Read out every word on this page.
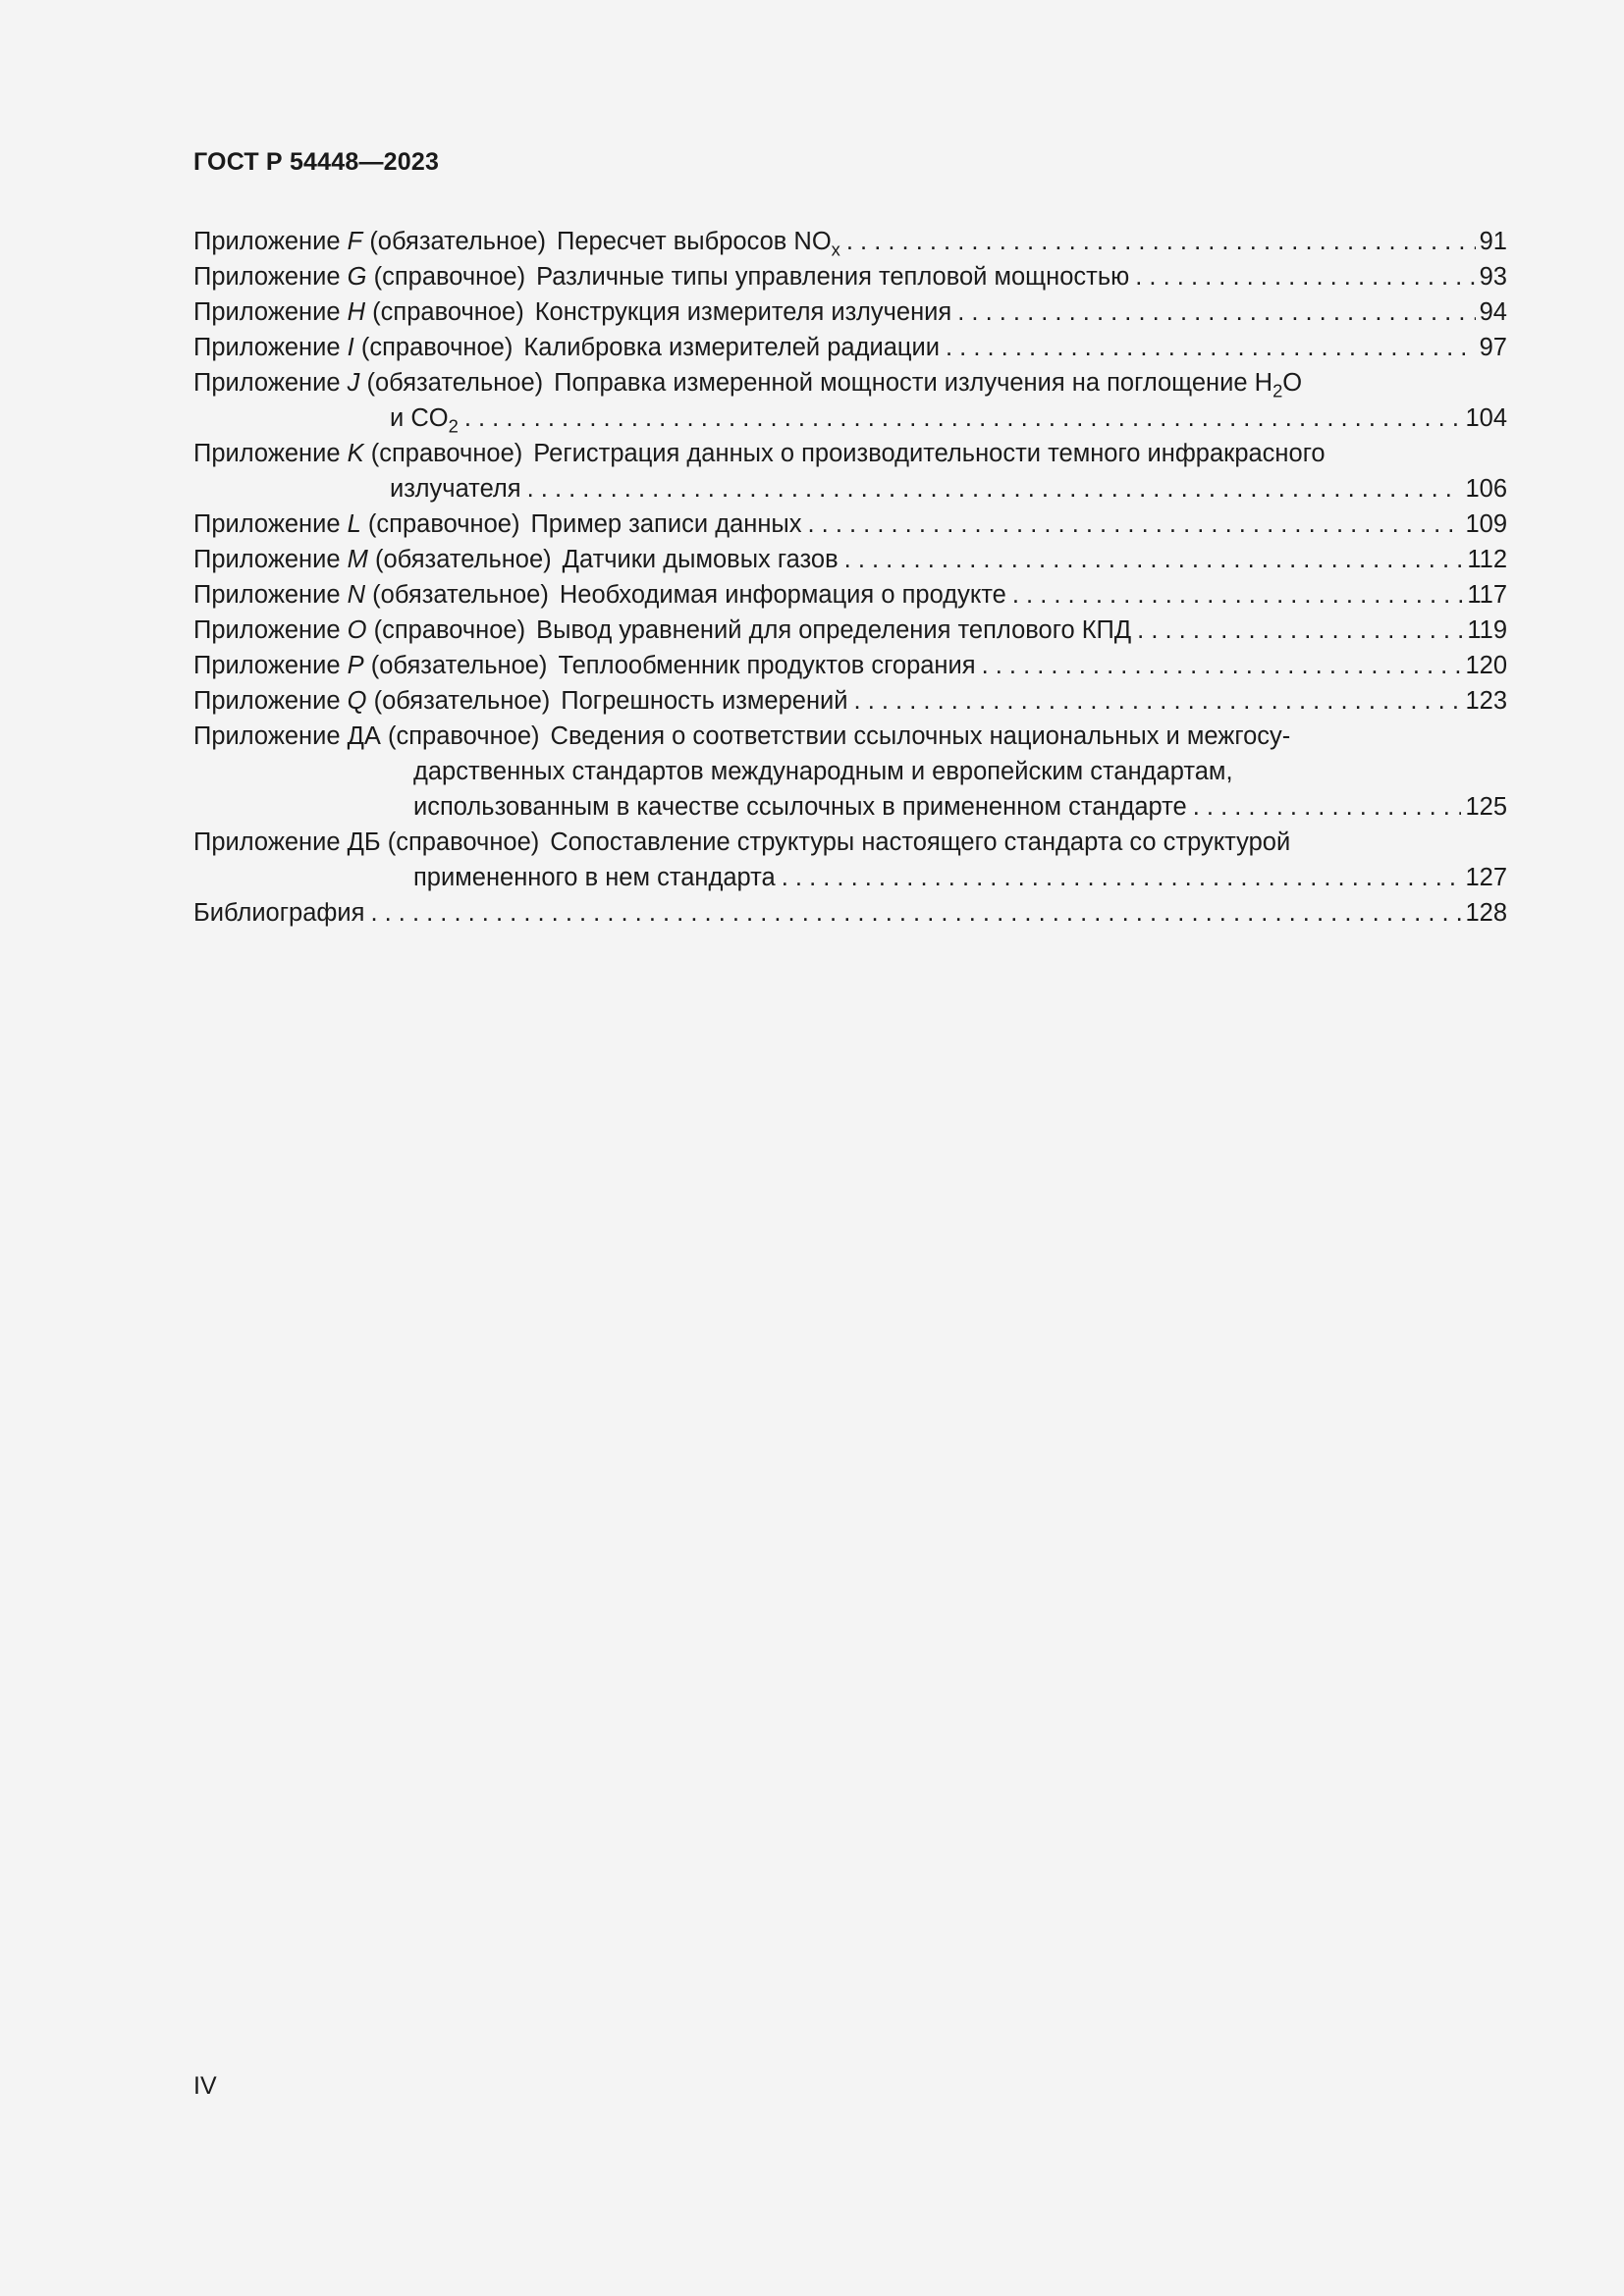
ГОСТ Р 54448—2023
Приложение F (обязательное) Пересчет выбросов $NO_x$ . . .	91
Приложение G (справочное) Различные типы управления тепловой мощностью . . .	93
Приложение H (справочное) Конструкция измерителя излучения . . .	94
Приложение I (справочное) Калибровка измерителей радиации . . .	97
Приложение J (обязательное) Поправка измеренной мощности излучения на поглощение $H_2O$
и $CO_2$ . . .	104
Приложение K (справочное) Регистрация данных о производительности темного инфракрасного
излучателя . . .	106
Приложение L (справочное) Пример записи данных . . .	109
Приложение M (обязательное) Датчики дымовых газов . . .	112
Приложение N (обязательное) Необходимая информация о продукте . . .	117
Приложение O (справочное) Вывод уравнений для определения теплового КПД . . .	119
Приложение P (обязательное) Теплообменник продуктов сгорания . . .	120
Приложение Q (обязательное) Погрешность измерений . . .	123
Приложение ДА (справочное) Сведения о соответствии ссылочных национальных и межгосу-
дарственных стандартов международным и европейским стандартам,
использованным в качестве ссылочных в примененном стандарте . . .	125
Приложение ДБ (справочное) Сопоставление структуры настоящего стандарта со структурой
примененного в нем стандарта . . .	127
Библиография . . .	128
IV
